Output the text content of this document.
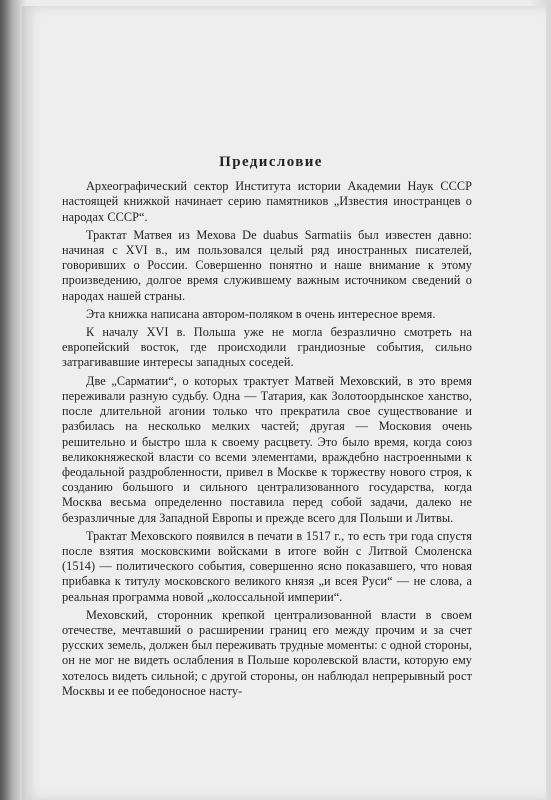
Предисловие

Археографический сектор Института истории Академии Наук СССР настоящей книжкой начинает серию памятников „Известия иностранцев о народах СССР“.

Трактат Матвея из Мехова De duabus Sarmatiis был известен давно: начиная с XVI в., им пользовался целый ряд иностранных писателей, говоривших о России. Совершенно понятно и наше внимание к этому произведению, долгое время служившему важным источником сведений о народах нашей страны.

Эта книжка написана автором-поляком в очень интересное время.

К началу XVI в. Польша уже не могла безразлично смотреть на европейский восток, где происходили грандиозные события, сильно затрагивавшие интересы западных соседей.

Две „Сарматии“, о которых трактует Матвей Меховский, в это время переживали разную судьбу. Одна — Татария, как Золотоордынское ханство, после длительной агонии только что прекратила свое существование и разбилась на несколько мелких частей; другая — Московия очень решительно и быстро шла к своему расцвету. Это было время, когда союз великокняжеской власти со всеми элементами, враждебно настроенными к феодальной раздробленности, привел в Москве к торжеству нового строя, к созданию большого и сильного централизованного государства, когда Москва весьма определенно поставила перед собой задачи, далеко не безразличные для Западной Европы и прежде всего для Польши и Литвы.

Трактат Меховского появился в печати в 1517 г., то есть три года спустя после взятия московскими войсками в итоге войн с Литвой Смоленска (1514) — политического события, совершенно ясно показавшего, что новая прибавка к титулу московского великого князя „и всея Руси“ — не слова, а реальная программа новой „колоссальной империи“.

Меховский, сторонник крепкой централизованной власти в своем отечестве, мечтавший о расширении границ его между прочим и за счет русских земель, должен был переживать трудные моменты: с одной стороны, он не мог не видеть ослабления в Польше королевской власти, которую ему хотелось видеть сильной; с другой стороны, он наблюдал непрерывный рост Москвы и ее победоносное насту-
